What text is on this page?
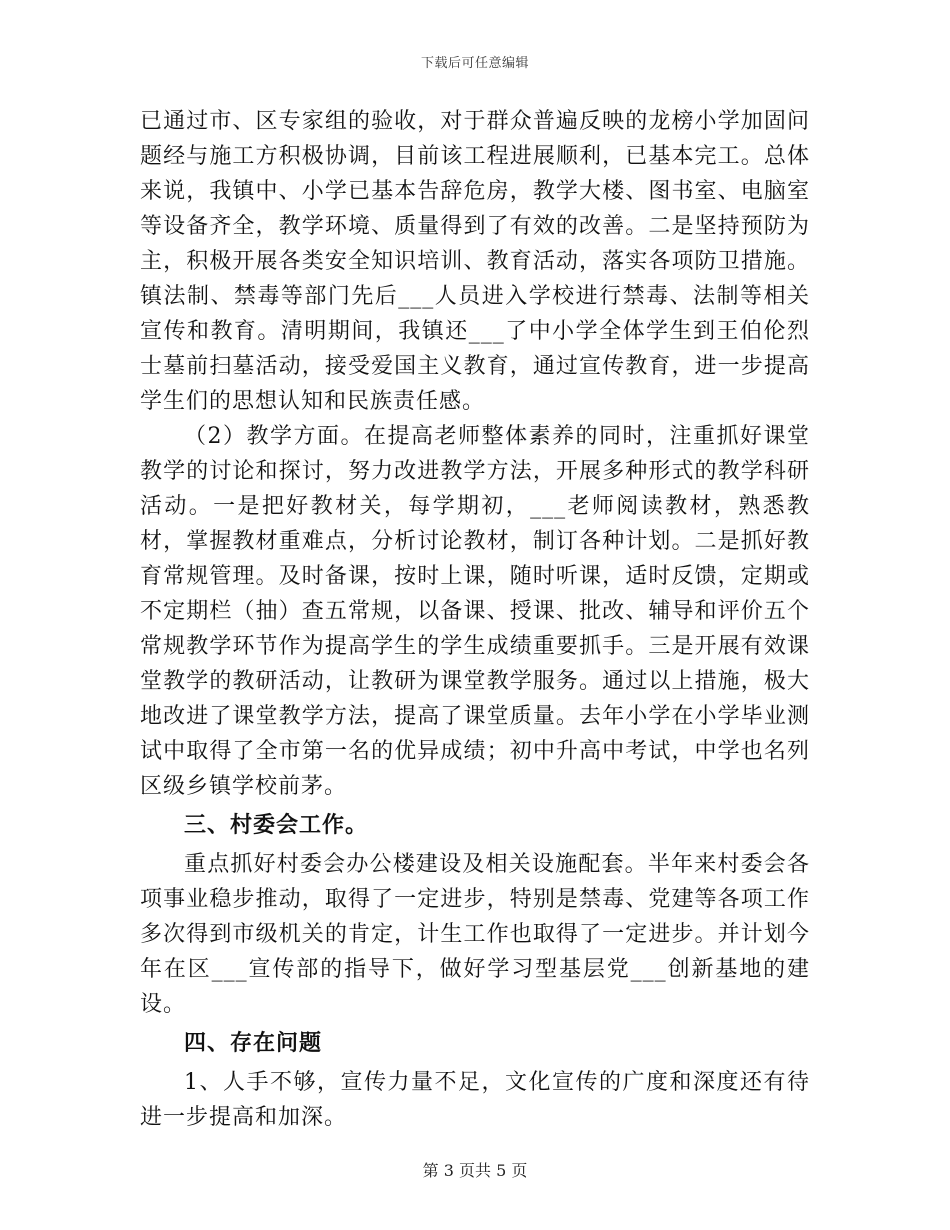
下载后可任意编辑

已通过市、区专家组的验收，对于群众普遍反映的龙榜小学加固问题经与施工方积极协调，目前该工程进展顺利，已基本完工。总体来说，我镇中、小学已基本告辞危房，教学大楼、图书室、电脑室等设备齐全，教学环境、质量得到了有效的改善。二是坚持预防为主，积极开展各类安全知识培训、教育活动，落实各项防卫措施。镇法制、禁毒等部门先后___人员进入学校进行禁毒、法制等相关宣传和教育。清明期间，我镇还___了中小学全体学生到王伯伦烈士墓前扫墓活动，接受爱国主义教育，通过宣传教育，进一步提高学生们的思想认知和民族责任感。

（2）教学方面。在提高老师整体素养的同时，注重抓好课堂教学的讨论和探讨，努力改进教学方法，开展多种形式的教学科研活动。一是把好教材关，每学期初，___老师阅读教材，熟悉教材，掌握教材重难点，分析讨论教材，制订各种计划。二是抓好教育常规管理。及时备课，按时上课，随时听课，适时反馈，定期或不定期栏（抽）查五常规，以备课、授课、批改、辅导和评价五个常规教学环节作为提高学生的学生成绩重要抓手。三是开展有效课堂教学的教研活动，让教研为课堂教学服务。通过以上措施，极大地改进了课堂教学方法，提高了课堂质量。去年小学在小学毕业测试中取得了全市第一名的优异成绩；初中升高中考试，中学也名列区级乡镇学校前茅。

三、村委会工作。

重点抓好村委会办公楼建设及相关设施配套。半年来村委会各项事业稳步推动，取得了一定进步，特别是禁毒、党建等各项工作多次得到市级机关的肯定，计生工作也取得了一定进步。并计划今年在区___宣传部的指导下，做好学习型基层党___创新基地的建设。

四、存在问题

1、人手不够，宣传力量不足，文化宣传的广度和深度还有待进一步提高和加深。

第 3 页共 5 页
